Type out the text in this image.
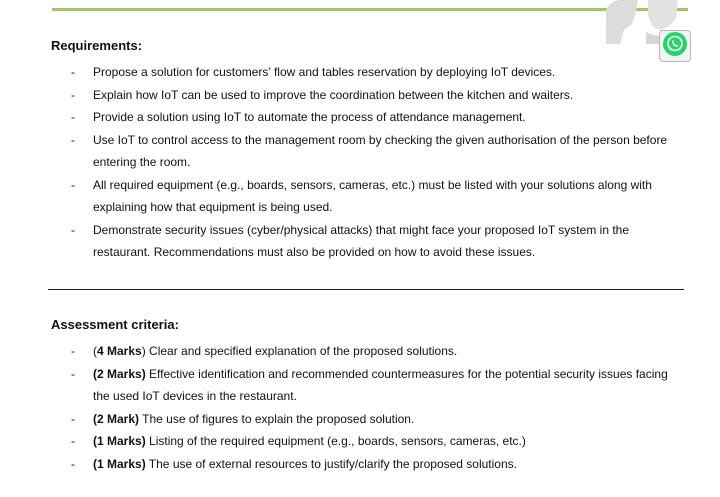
Requirements:
- Propose a solution for customers’ flow and tables reservation by deploying IoT devices.
- Explain how IoT can be used to improve the coordination between the kitchen and waiters.
- Provide a solution using IoT to automate the process of attendance management.
- Use IoT to control access to the management room by checking the given authorisation of the person before entering the room.
- All required equipment (e.g., boards, sensors, cameras, etc.) must be listed with your solutions along with explaining how that equipment is being used.
- Demonstrate security issues (cyber/physical attacks) that might face your proposed IoT system in the restaurant. Recommendations must also be provided on how to avoid these issues.
Assessment criteria:
- (4 Marks) Clear and specified explanation of the proposed solutions.
- (2 Marks) Effective identification and recommended countermeasures for the potential security issues facing the used IoT devices in the restaurant.
- (2 Mark) The use of figures to explain the proposed solution.
- (1 Marks) Listing of the required equipment (e.g., boards, sensors, cameras, etc.)
- (1 Marks) The use of external resources to justify/clarify the proposed solutions.
